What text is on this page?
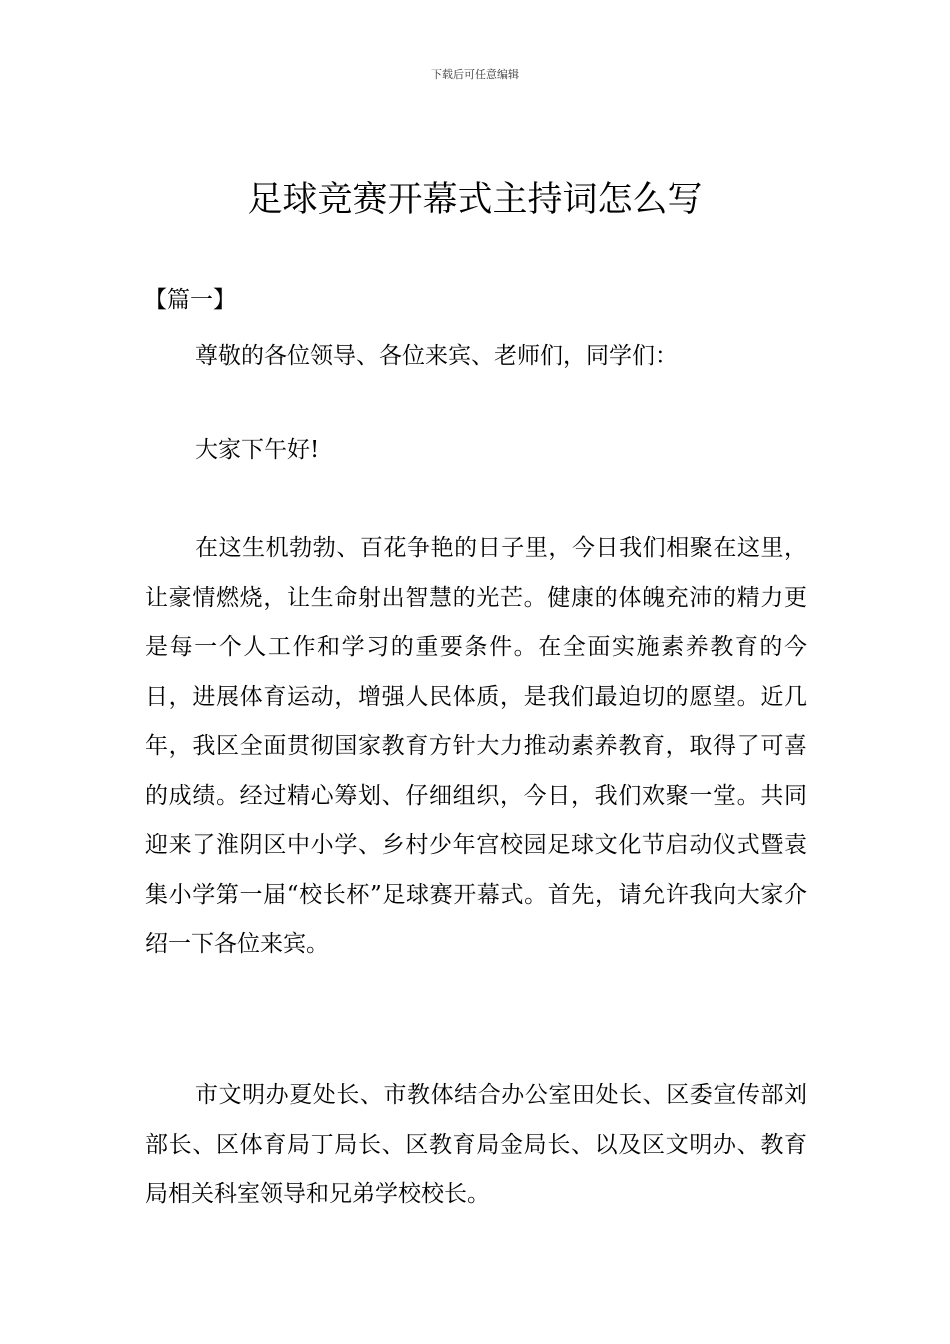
下载后可任意编辑
足球竞赛开幕式主持词怎么写
【篇一】

尊敬的各位领导、各位来宾、老师们，同学们：

大家下午好!

在这生机勃勃、百花争艳的日子里，今日我们相聚在这里，让豪情燃烧，让生命射出智慧的光芒。健康的体魄充沛的精力更是每一个人工作和学习的重要条件。在全面实施素养教育的今日，进展体育运动，增强人民体质，是我们最迫切的愿望。近几年，我区全面贯彻国家教育方针大力推动素养教育，取得了可喜的成绩。经过精心筹划、仔细组织，今日，我们欢聚一堂。共同迎来了淮阴区中小学、乡村少年宫校园足球文化节启动仪式暨袁集小学第一届“校长杯”足球赛开幕式。首先，请允许我向大家介绍一下各位来宾。

市文明办夏处长、市教体结合办公室田处长、区委宣传部刘部长、区体育局丁局长、区教育局金局长、以及区文明办、教育局相关科室领导和兄弟学校校长。
